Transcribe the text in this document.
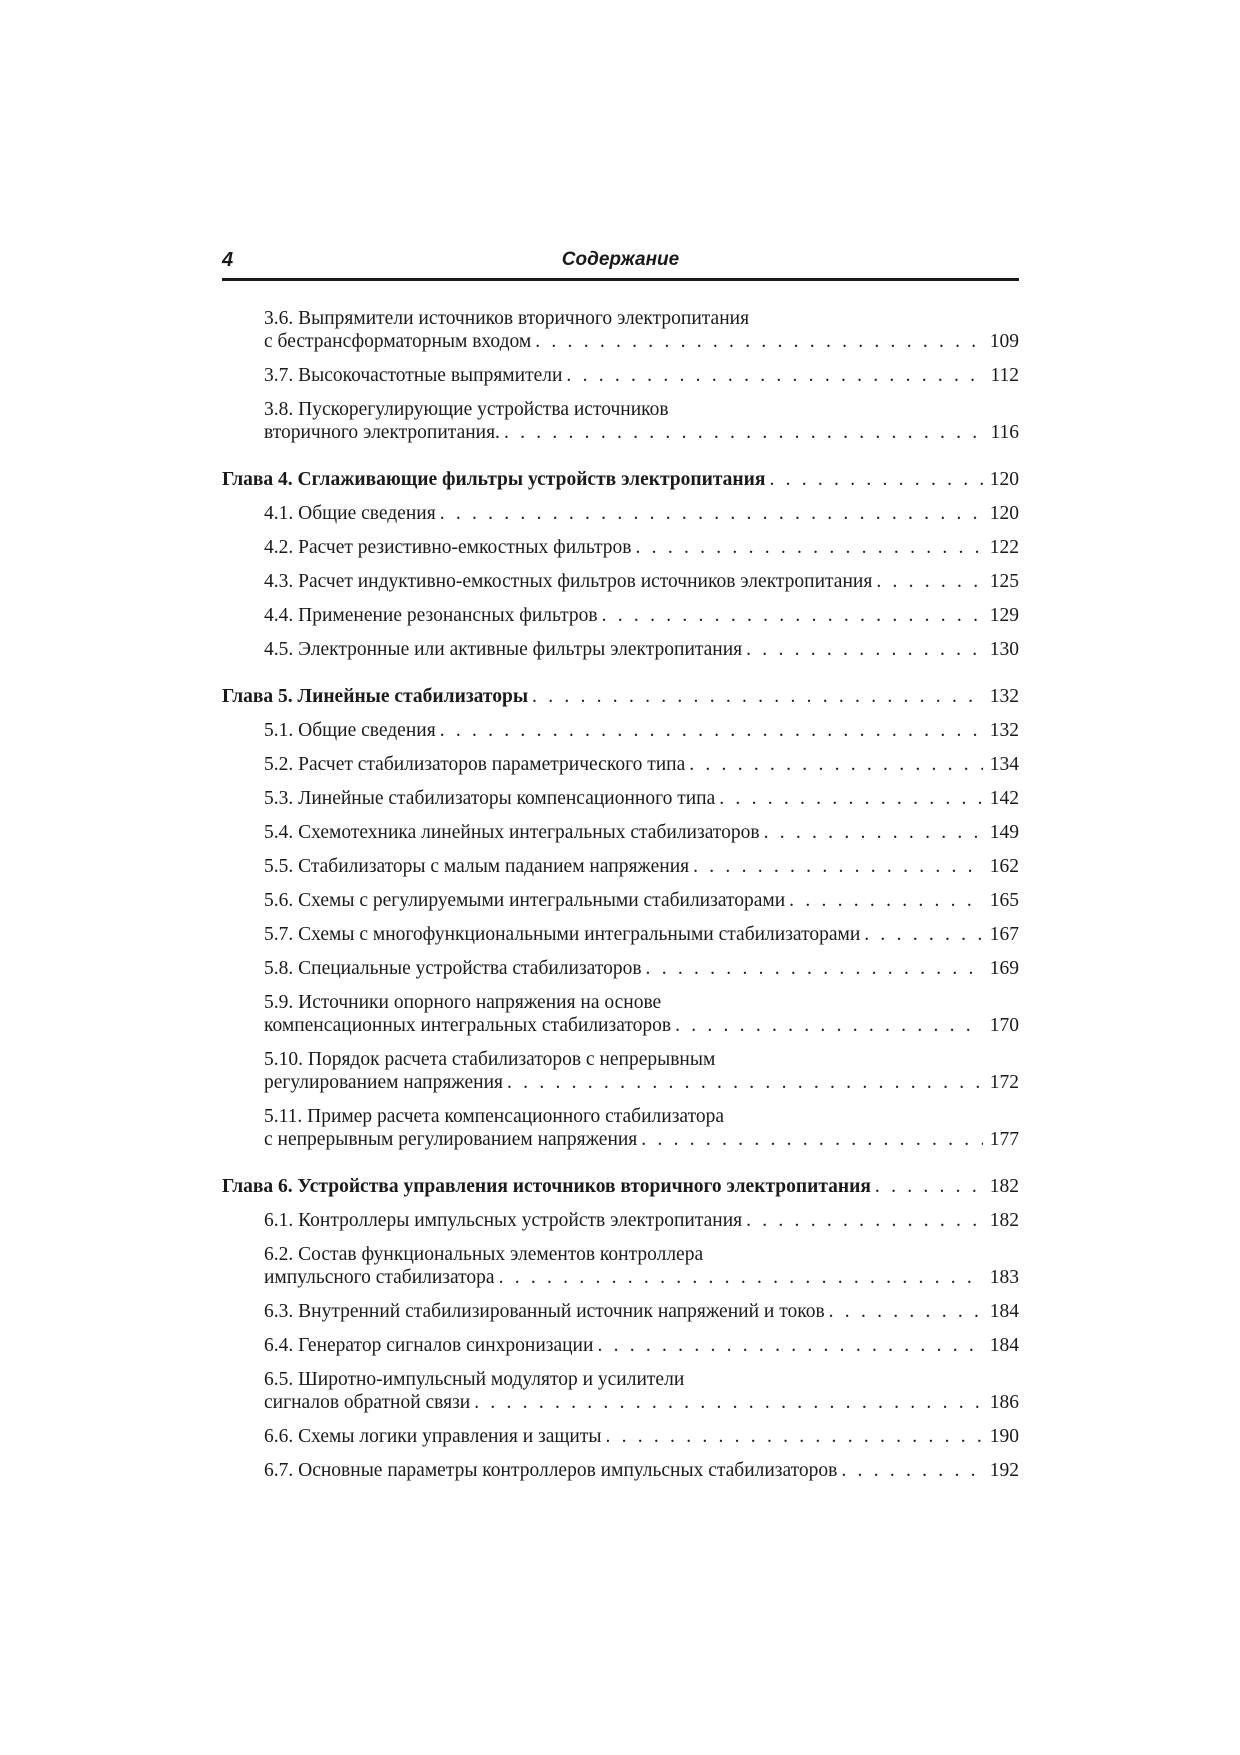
4	Содержание
3.6. Выпрямители источников вторичного электропитания
с бестрансформаторным входом . . .	109
3.7. Высокочастотные выпрямители . . .	112
3.8. Пускорегулирующие устройства источников
вторичного электропитания. . . .	116
Глава 4. Сглаживающие фильтры устройств электропитания . . .	120
4.1. Общие сведения . . .	120
4.2. Расчет резистивно-емкостных фильтров . . .	122
4.3. Расчет индуктивно-емкостных фильтров источников электропитания . . .	125
4.4. Применение резонансных фильтров . . .	129
4.5. Электронные или активные фильтры электропитания . . .	130
Глава 5. Линейные стабилизаторы . . .	132
5.1. Общие сведения . . .	132
5.2. Расчет стабилизаторов параметрического типа . . .	134
5.3. Линейные стабилизаторы компенсационного типа . . .	142
5.4. Схемотехника линейных интегральных стабилизаторов . . .	149
5.5. Стабилизаторы с малым паданием напряжения . . .	162
5.6. Схемы с регулируемыми интегральными стабилизаторами . . .	165
5.7. Схемы с многофункциональными интегральными стабилизаторами . . .	167
5.8. Специальные устройства стабилизаторов . . .	169
5.9. Источники опорного напряжения на основе
компенсационных интегральных стабилизаторов . . .	170
5.10. Порядок расчета стабилизаторов с непрерывным
регулированием напряжения . . .	172
5.11. Пример расчета компенсационного стабилизатора
с непрерывным регулированием напряжения . . .	177
Глава 6. Устройства управления источников вторичного электропитания . . .	182
6.1. Контроллеры импульсных устройств электропитания . . .	182
6.2. Состав функциональных элементов контроллера
импульсного стабилизатора . . .	183
6.3. Внутренний стабилизированный источник напряжений и токов . . .	184
6.4. Генератор сигналов синхронизации . . .	184
6.5. Широтно-импульсный модулятор и усилители
сигналов обратной связи . . .	186
6.6. Схемы логики управления и защиты . . .	190
6.7. Основные параметры контроллеров импульсных стабилизаторов . . .	192
